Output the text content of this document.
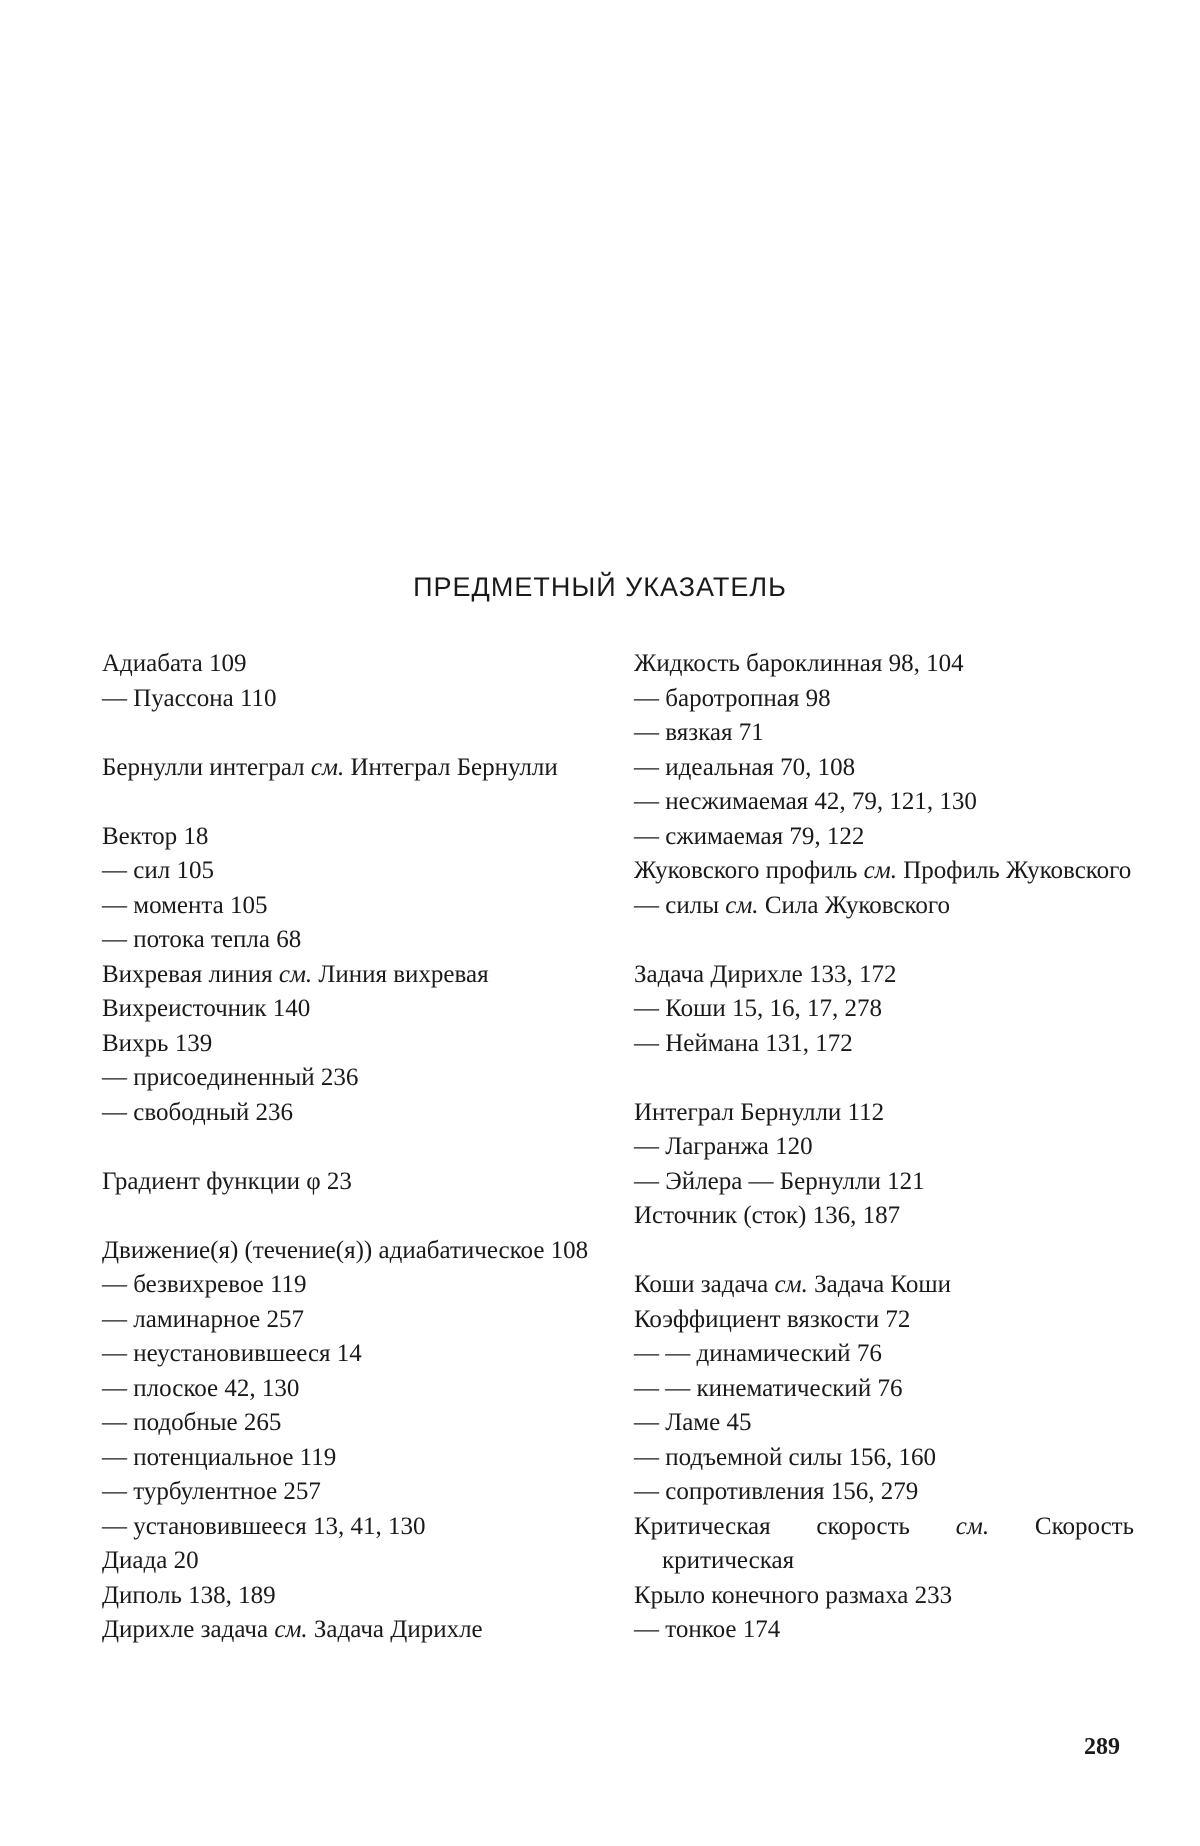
ПРЕДМЕТНЫЙ УКАЗАТЕЛЬ
Адиабата 109
— Пуассона 110
Бернулли интеграл см. Интеграл Бернулли
Вектор 18
— сил 105
— момента 105
— потока тепла 68
Вихревая линия см. Линия вихревая
Вихреисточник 140
Вихрь 139
— присоединенный 236
— свободный 236
Градиент функции φ 23
Движение(я) (течение(я)) адиабатическое 108
— безвихревое 119
— ламинарное 257
— неустановившееся 14
— плоское 42, 130
— подобные 265
— потенциальное 119
— турбулентное 257
— установившееся 13, 41, 130
Диада 20
Диполь 138, 189
Дирихле задача см. Задача Дирихле
Жидкость бароклинная 98, 104
— баротропная 98
— вязкая 71
— идеальная 70, 108
— несжимаемая 42, 79, 121, 130
— сжимаемая 79, 122
Жуковского профиль см. Профиль Жуковского
— силы см. Сила Жуковского
Задача Дирихле 133, 172
— Коши 15, 16, 17, 278
— Неймана 131, 172
Интеграл Бернулли 112
— Лагранжа 120
— Эйлера — Бернулли 121
Источник (сток) 136, 187
Коши задача см. Задача Коши
Коэффициент вязкости 72
— — динамический 76
— — кинематический 76
— Ламе 45
— подъемной силы 156, 160
— сопротивления 156, 279
Критическая скорость см. Скорость критическая
Крыло конечного размаха 233
— тонкое 174
289
